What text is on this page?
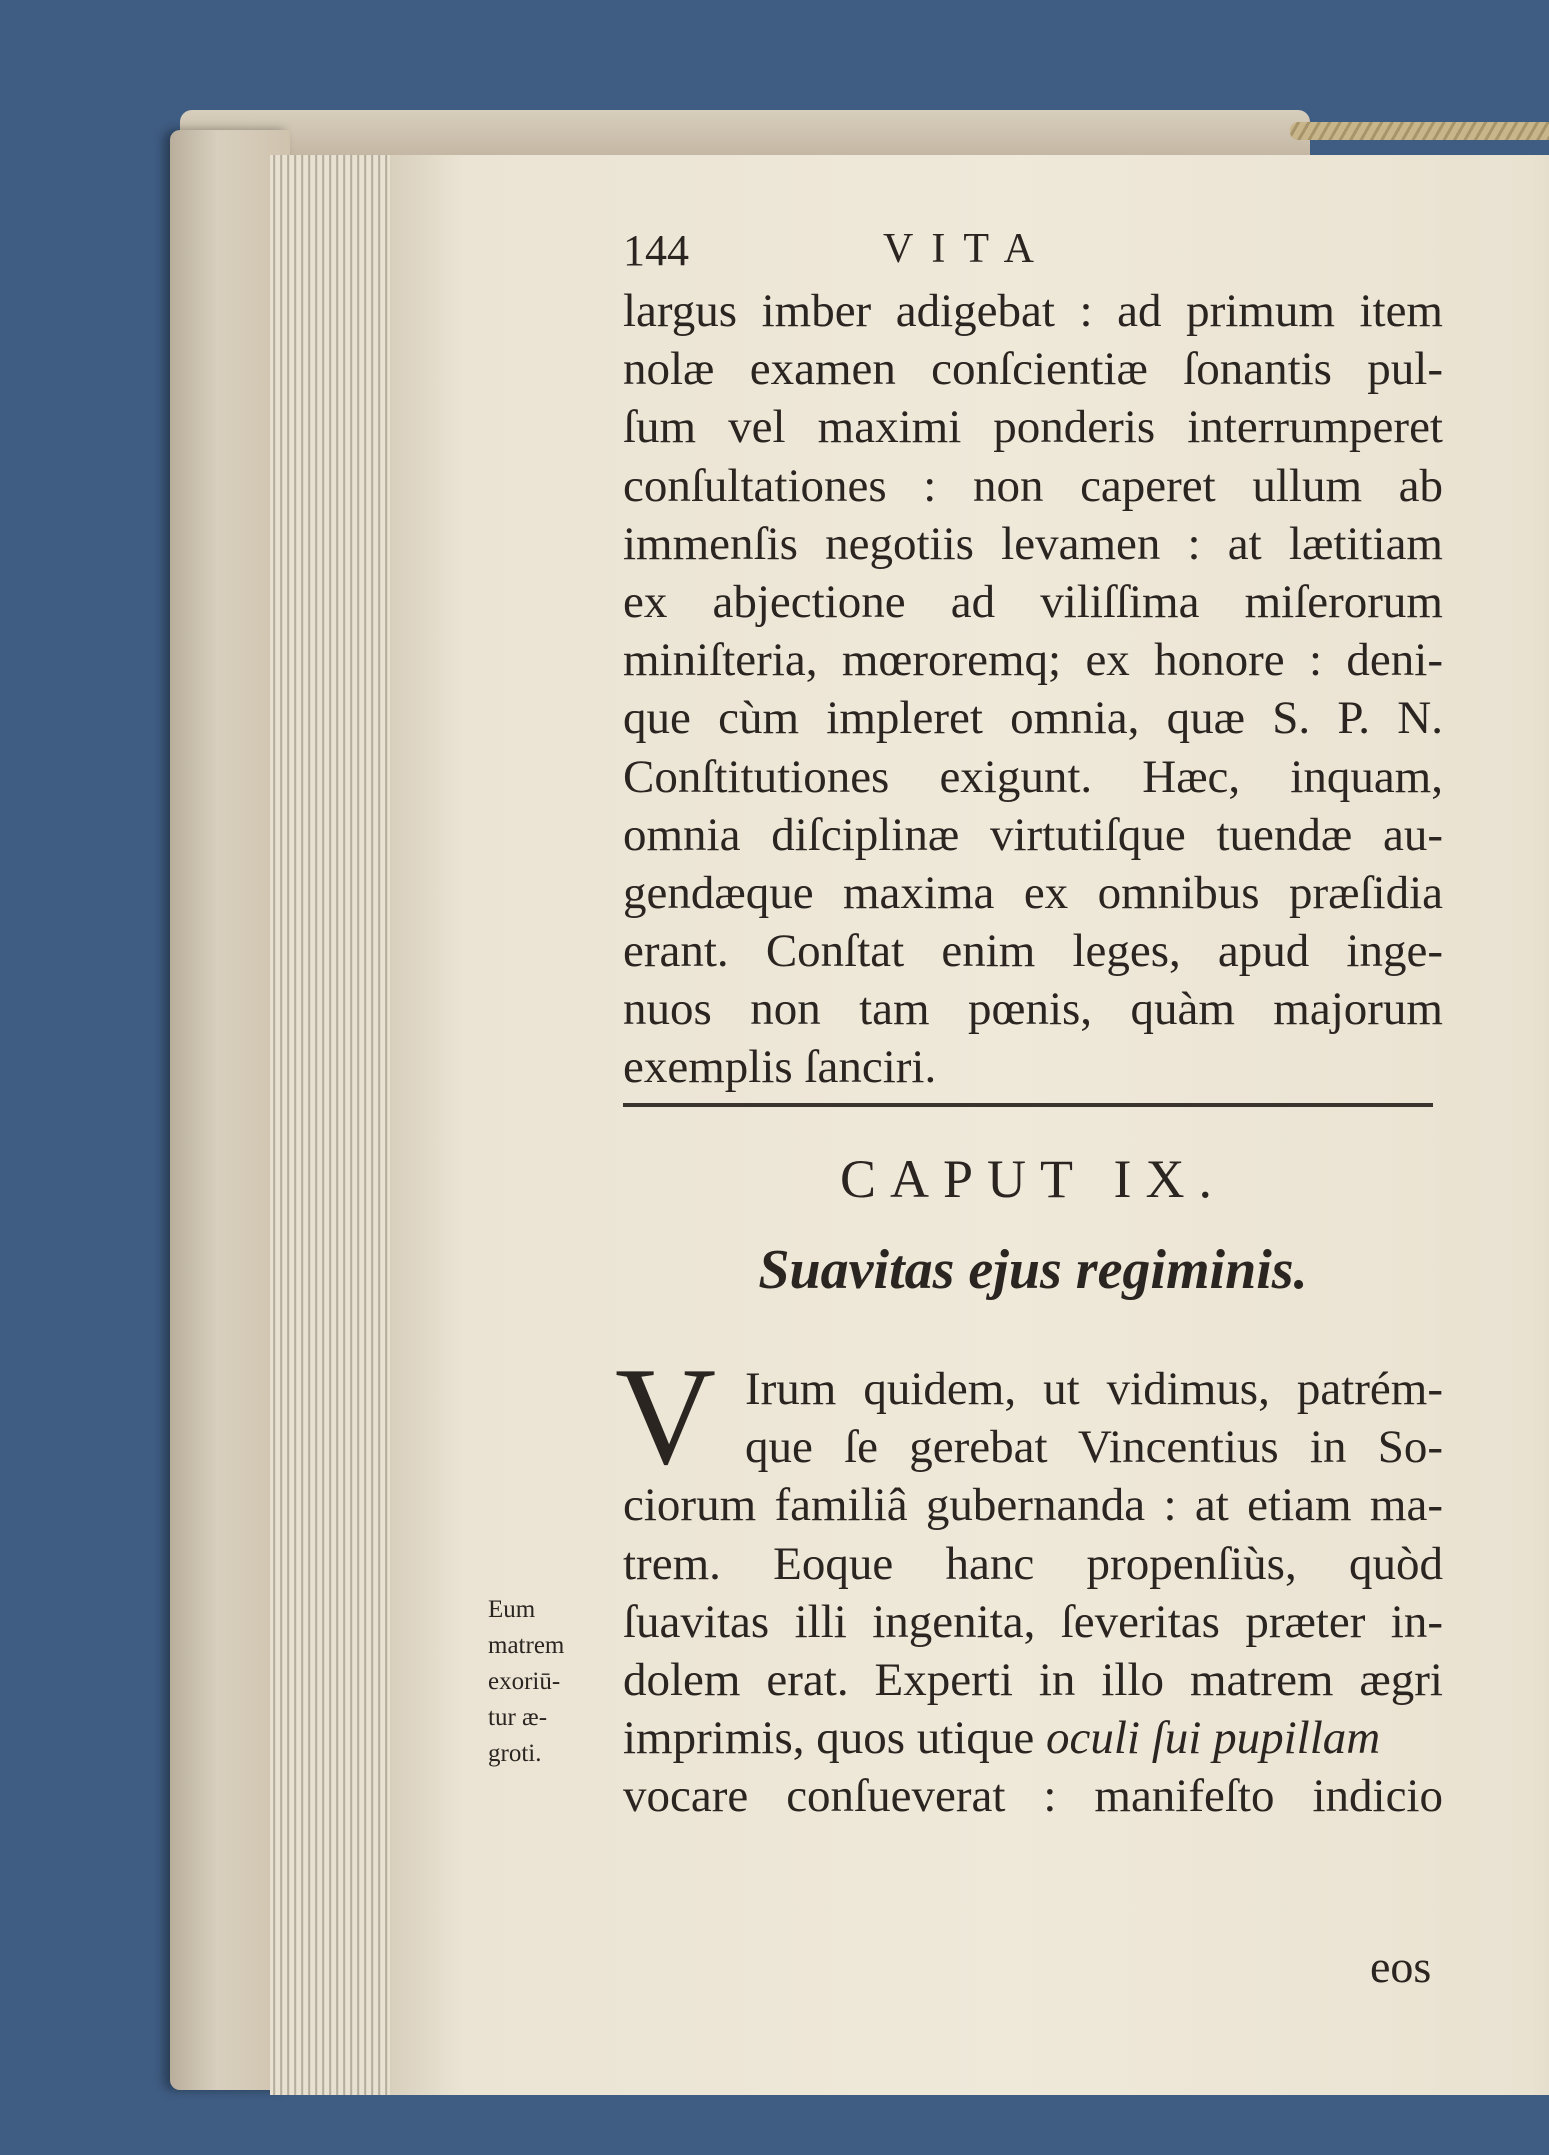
144	VITA
largus imber adigebat : ad primum item
nolæ examen conſcientiæ ſonantis pul-
ſum vel maximi ponderis interrumperet
conſultationes : non caperet ullum ab
immenſis negotiis levamen : at lætitiam
ex abjectione ad viliſſima miſerorum
miniſteria, mœroremq; ex honore : deni-
que cùm impleret omnia, quæ S. P. N.
Conſtitutiones exigunt. Hæc, inquam,
omnia diſciplinæ virtutiſque tuendæ au-
gendæque maxima ex omnibus præſidia
erant. Conſtat enim leges, apud inge-
nuos non tam pœnis, quàm majorum
exemplis ſanciri.
CAPUT IX.
Suavitas ejus regiminis.
V Irum quidem, ut vidimus, patrém-
que ſe gerebat Vincentius in So-
ciorum familiâ gubernanda : at etiam ma-
trem. Eoque hanc propenſiùs, quòd
ſuavitas illi ingenita, ſeveritas præter in-
dolem erat. Experti in illo matrem ægri
imprimis, quos utique oculi ſui pupillam
vocare conſueverat : manifeſto indicio
eos
Eum
matrem
exoriū-
tur æ-
groti.
